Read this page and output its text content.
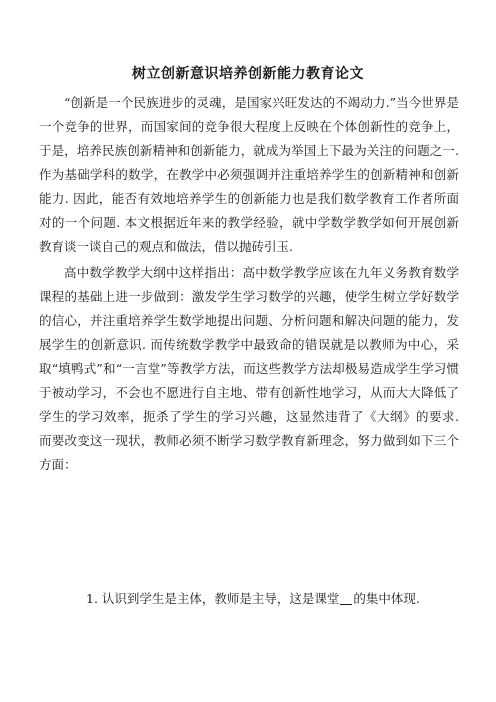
树立创新意识培养创新能力教育论文

“创新是一个民族进步的灵魂，是国家兴旺发达的不竭动力.”当今世界是一个竞争的世界，而国家间的竞争很大程度上反映在个体创新性的竞争上，于是，培养民族创新精神和创新能力，就成为举国上下最为关注的问题之一. 作为基础学科的数学，在教学中必须强调并注重培养学生的创新精神和创新能力. 因此，能否有效地培养学生的创新能力也是我们数学教育工作者所面对的一个问题. 本文根据近年来的教学经验，就中学数学教学如何开展创新教育谈一谈自己的观点和做法，借以抛砖引玉.

高中数学教学大纲中这样指出：高中数学教学应该在九年义务教育数学课程的基础上进一步做到：激发学生学习数学的兴趣，使学生树立学好数学的信心，并注重培养学生数学地提出问题、分析问题和解决问题的能力，发展学生的创新意识. 而传统数学教学中最致命的错误就是以教师为中心，采取“填鸭式”和“一言堂”等教学方法，而这些教学方法却极易造成学生学习惯于被动学习，不会也不愿进行自主地、带有创新性地学习，从而大大降低了学生的学习效率，扼杀了学生的学习兴趣，这显然违背了《大纲》的要求. 而要改变这一现状，教师必须不断学习数学教育新理念，努力做到如下三个方面：

1. 认识到学生是主体，教师是主导，这是课堂 的集中体现.
